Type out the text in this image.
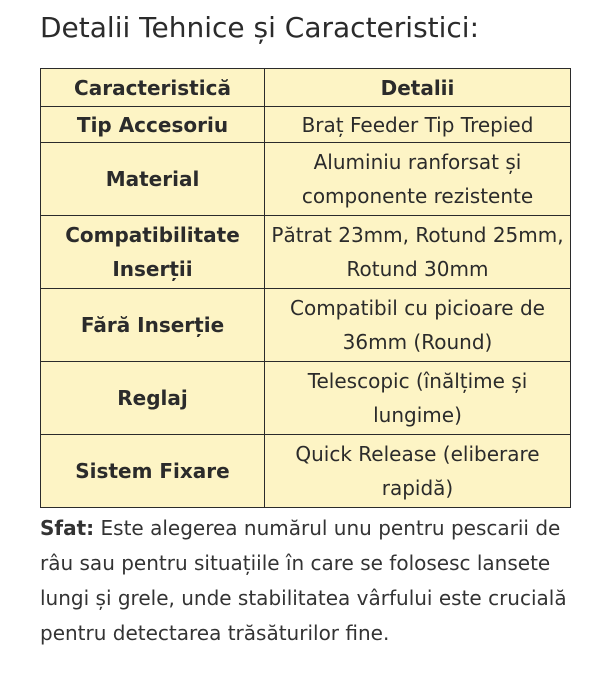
Detalii Tehnice și Caracteristici:
Caracteristică	Detalii
Tip Accesoriu	Braț Feeder Tip Trepied
Material	Aluminiu ranforsat și componente rezistente
Compatibilitate Inserții	Pătrat 23mm, Rotund 25mm, Rotund 30mm
Fără Inserție	Compatibil cu picioare de 36mm (Round)
Reglaj	Telescopic (înălțime și lungime)
Sistem Fixare	Quick Release (eliberare rapidă)

Sfat: Este alegerea numărul unu pentru pescarii de râu sau pentru situațiile în care se folosesc lansete lungi și grele, unde stabilitatea vârfului este crucială pentru detectarea trăsăturilor fine.
